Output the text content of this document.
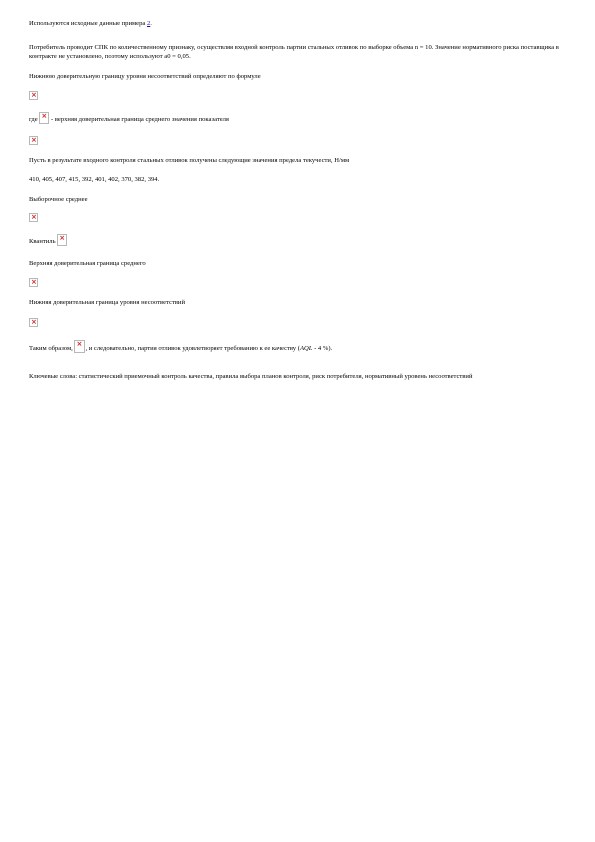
Используются исходные данные примера 2.

Потребитель проводит СПК по количественному признаку, осуществляя входной контроль партии стальных отливок по выборке объема n = 10. Значение нормативного риска поставщика в контракте не установлено, поэтому используют a0 = 0,05.

Нижнюю доверительную границу уровня несоответствий определяют по формуле

×

где × - верхняя доверительная граница среднего значения показателя

×

Пусть в результате входного контроля стальных отливок получены следующие значения предела текучести, Н/мм

410, 405, 407, 415, 392, 401, 402, 370, 382, 394.

Выборочное среднее

×

Квантиль ×

Верхняя доверительная граница среднего

×

Нижняя доверительная граница уровня несоответствий

×

Таким образом,
×
, и следовательно, партия отливок удовлетворяет требованию к ее качеству (AQL - 4 %).

Ключевые слова: статистический приемочный контроль качества, правила выбора планов контроля, риск потребителя, нормативный уровень несоответствий
